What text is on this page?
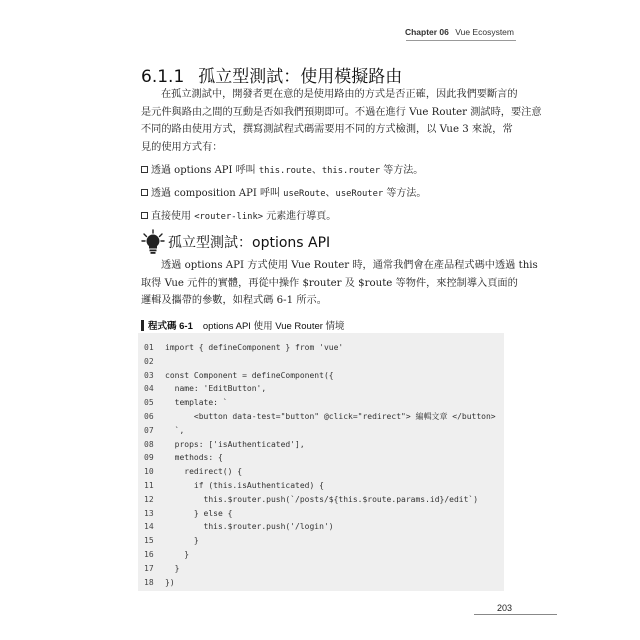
Chapter 06 Vue Ecosystem
6.1.1 孤立型測試：使用模擬路由
在孤立測試中，開發者更在意的是使用路由的方式是否正確，因此我們要斷言的
是元件與路由之間的互動是否如我們預期即可。不過在進行 Vue Router 測試時，要注意
不同的路由使用方式，撰寫測試程式碼需要用不同的方式檢測，以 Vue 3 來說，常
見的使用方式有：
透過 options API 呼叫 this.route、this.router 等方法。
透過 composition API 呼叫 useRoute、useRouter 等方法。
直接使用 <router-link> 元素進行導頁。
孤立型測試：options API
透過 options API 方式使用 Vue Router 時，通常我們會在產品程式碼中透過 this
取得 Vue 元件的實體，再從中操作 $router 及 $route 等物件，來控制導入頁面的
邏輯及攜帶的參數，如程式碼 6-1 所示。
程式碼 6-1 options API 使用 Vue Router 情境
01 import { defineComponent } from 'vue'
02
03 const Component = defineComponent({
04 name: 'EditButton',
05 template: `
06 <button data-test="button" @click="redirect"> 編輯文章 </button>
07 `,
08 props: ['isAuthenticated'],
09 methods: {
10 redirect() {
11 if (this.isAuthenticated) {
12 this.$router.push(`/posts/${this.$route.params.id}/edit`)
13 } else {
14 this.$router.push('/login')
15 }
16 }
17 }
18 })
203
